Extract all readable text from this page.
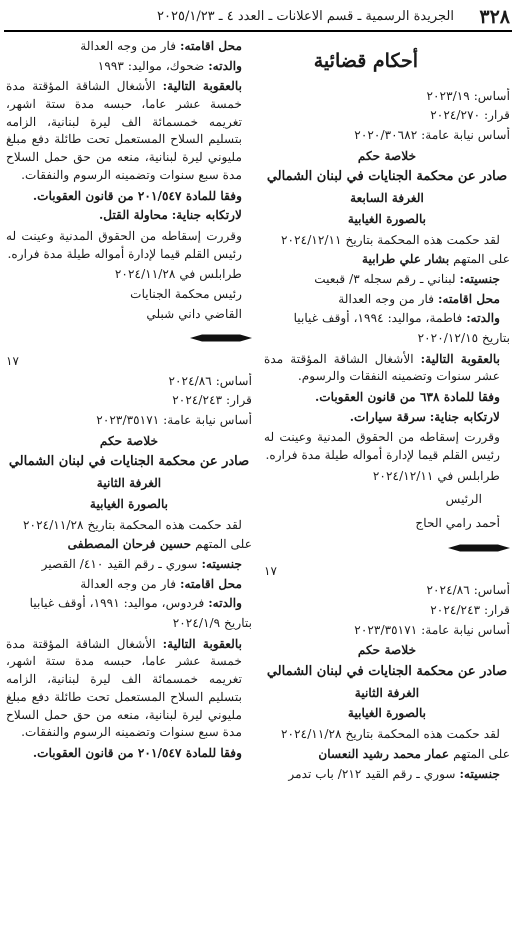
٣٢٨
الجريدة الرسمية ـ قسم الاعلانات ـ العدد ٤ ـ ٢٠٢٥/١/٢٣
أحكام قضائية

أساس: ٢٠٢٣/١٩

قرار: ٢٠٢٤/٢٧٠

أساس نيابة عامة: ٢٠٢٠/٣٠٦٨٢

خلاصة حكم

صادر عن محكمة الجنايات في لبنان الشمالي

الغرفة السابعة

بالصورة الغيابية

لقد حكمت هذه المحكمة بتاريخ ٢٠٢٤/١٢/١١

على المتهم بشار علي طرابية

جنسيته: لبناني ـ رقم سجله ٣/ قبعيت

محل اقامته: فار من وجه العدالة

والدته: فاطمة، مواليد: ١٩٩٤، أوقف غيابيا

بتاريخ ٢٠٢٠/١٢/١٥

بالعقوبة التالية: الأشغال الشاقة المؤقتة مدة عشر سنوات وتضمينه النفقات والرسوم.

وفقا للمادة ٦٣٨ من قانون العقوبات.

لارتكابه جناية: سرقة سيارات.

وقررت إسقاطه من الحقوق المدنية وعينت له رئيس القلم قيما لإدارة أمواله طيلة مدة فراره.

طرابلس في ٢٠٢٤/١٢/١١

الرئيس

أحمد رامي الحاج

١٧

أساس: ٢٠٢٤/٨٦

قرار: ٢٠٢٤/٢٤٣

أساس نيابة عامة: ٢٠٢٣/٣٥١٧١

خلاصة حكم

صادر عن محكمة الجنايات في لبنان الشمالي

الغرفة الثانية

بالصورة الغيابية

لقد حكمت هذه المحكمة بتاريخ ٢٠٢٤/١١/٢٨

على المتهم عمار محمد رشيد النعسان

جنسيته: سوري ـ رقم القيد ٢١٢/ باب تدمر

محل اقامته: فار من وجه العدالة

والدته: ضحوك، مواليد: ١٩٩٣

بالعقوبة التالية: الأشغال الشاقة المؤقتة مدة خمسة عشر عاما، حبسه مدة ستة اشهر، تغريمه خمسمائة الف ليرة لبنانية، الزامه بتسليم السلاح المستعمل تحت طائلة دفع مبلغ مليوني ليرة لبنانية، منعه من حق حمل السلاح مدة سبع سنوات وتضمينه الرسوم والنفقات.

وفقا للمادة ٢٠١/٥٤٧ من قانون العقوبات.

لارتكابه جناية: محاولة القتل.

وقررت إسقاطه من الحقوق المدنية وعينت له رئيس القلم قيما لإدارة أمواله طيلة مدة فراره.

طرابلس في ٢٠٢٤/١١/٢٨

رئيس محكمة الجنايات

القاضي داني شبلي

١٧

أساس: ٢٠٢٤/٨٦

قرار: ٢٠٢٤/٢٤٣

أساس نيابة عامة: ٢٠٢٣/٣٥١٧١

خلاصة حكم

صادر عن محكمة الجنايات في لبنان الشمالي

الغرفة الثانية

بالصورة الغيابية

لقد حكمت هذه المحكمة بتاريخ ٢٠٢٤/١١/٢٨

على المتهم حسين فرحان المصطفى

جنسيته: سوري ـ رقم القيد ٤١٠/ القصير

محل اقامته: فار من وجه العدالة

والدته: فردوس، مواليد: ١٩٩١، أوقف غيابيا

بتاريخ ٢٠٢٤/١/٩

بالعقوبة التالية: الأشغال الشاقة المؤقتة مدة خمسة عشر عاما، حبسه مدة ستة اشهر، تغريمه خمسمائة الف ليرة لبنانية، الزامه بتسليم السلاح المستعمل تحت طائلة دفع مبلغ مليوني ليرة لبنانية، منعه من حق حمل السلاح مدة سبع سنوات وتضمينه الرسوم والنفقات.

وفقا للمادة ٢٠١/٥٤٧ من قانون العقوبات.
